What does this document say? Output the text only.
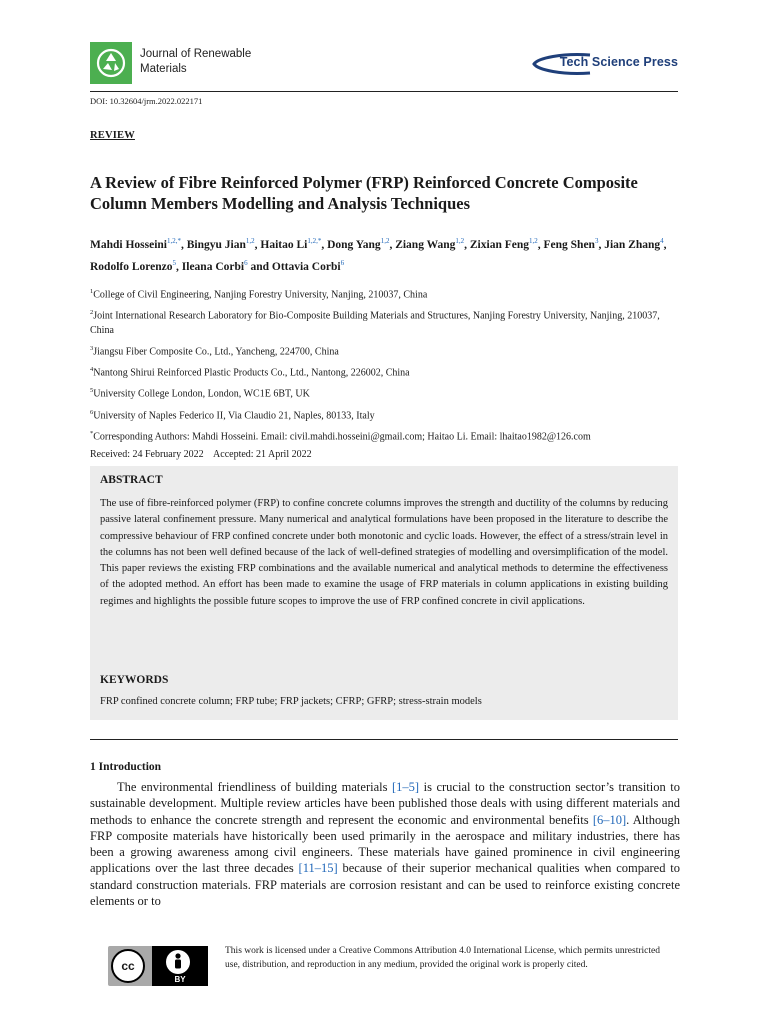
Journal of Renewable
Materials	Tech Science Press
DOI: 10.32604/jrm.2022.022171
REVIEW
A Review of Fibre Reinforced Polymer (FRP) Reinforced Concrete Composite Column Members Modelling and Analysis Techniques
Mahdi Hosseini$^{1,2,*}$, Bingyu Jian$^{1,2}$, Haitao $Li^{1,2,*}$, Dong Yang$^{1,2}$, Ziang Wang$^{1,2}$, Zixian Feng$^{1,2}$, Feng Shen$^3$, Jian Zhang$^4$, Rodolfo Lorenzo$^5$, Ileana Corbi$^6$ and Ottavia Corbi$^6$

$^1$College of Civil Engineering, Nanjing Forestry University, Nanjing, 210037, China

$^2$Joint International Research Laboratory for Bio-Composite Building Materials and Structures, Nanjing Forestry University, Nanjing, 210037, China

$^3$Jiangsu Fiber Composite Co., Ltd., Yancheng, 224700, China

$^4$Nantong Shirui Reinforced Plastic Products Co., Ltd., Nantong, 226002, China

$^5$University College London, London, WC1E 6BT, UK

$^6$University of Naples Federico II, Via Claudio 21, Naples, 80133, Italy

*Corresponding Authors: Mahdi Hosseini. Email: civil.mahdi.hosseini@gmail.com; Haitao Li. Email: lhaitao1982@126.com

Received: 24 February 2022    Accepted: 21 April 2022

ABSTRACT
The use of fibre-reinforced polymer (FRP) to confine concrete columns improves the strength and ductility of the columns by reducing passive lateral confinement pressure. Many numerical and analytical formulations have been proposed in the literature to describe the compressive behaviour of FRP confined concrete under both monotonic and cyclic loads. However, the effect of a stress/strain level in the columns has not been well defined because of the lack of well-defined strategies of modelling and oversimplification of the model. This paper reviews the existing FRP combinations and the available numerical and analytical methods to determine the effectiveness of the adopted method. An effort has been made to examine the usage of FRP materials in column applications in existing building regimes and highlights the possible future scopes to improve the use of FRP confined concrete in civil applications.
KEYWORDS
FRP confined concrete column; FRP tube; FRP jackets; CFRP; GFRP; stress-strain models
1 Introduction
The environmental friendliness of building materials [1–5] is crucial to the construction sector’s transition to sustainable development. Multiple review articles have been published those deals with using different materials and methods to enhance the concrete strength and represent the economic and environmental benefits [6–10]. Although FRP composite materials have historically been used primarily in the aerospace and military industries, there has been a growing awareness among civil engineers. These materials have gained prominence in civil engineering applications over the last three decades [11–15] because of their superior mechanical qualities when compared to standard construction materials. FRP materials are corrosion resistant and can be used to reinforce existing concrete elements or to
cc
BY
This work is licensed under a Creative Commons Attribution 4.0 International License, which permits unrestricted use, distribution, and reproduction in any medium, provided the original work is properly cited.
